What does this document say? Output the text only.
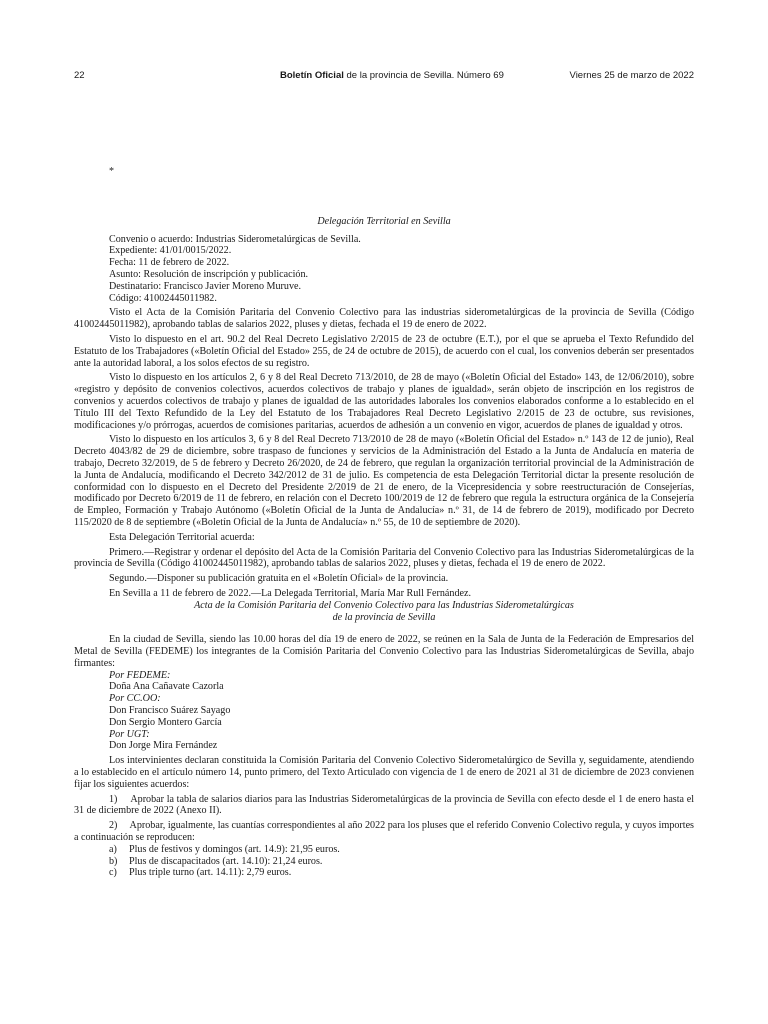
22	Boletín Oficial de la provincia de Sevilla. Número 69	Viernes 25 de marzo de 2022

*

Delegación Territorial en Sevilla

Convenio o acuerdo: Industrias Siderometalúrgicas de Sevilla.

Expediente: 41/01/0015/2022.

Fecha: 11 de febrero de 2022.

Asunto: Resolución de inscripción y publicación.

Destinatario: Francisco Javier Moreno Muruve.

Código: 41002445011982.

Visto el Acta de la Comisión Paritaria del Convenio Colectivo para las industrias siderometalúrgicas de la provincia de Sevilla (Código 41002445011982), aprobando tablas de salarios 2022, pluses y dietas, fechada el 19 de enero de 2022.

Visto lo dispuesto en el art. 90.2 del Real Decreto Legislativo 2/2015 de 23 de octubre (E.T.), por el que se aprueba el Texto Refundido del Estatuto de los Trabajadores («Boletín Oficial del Estado» 255, de 24 de octubre de 2015), de acuerdo con el cual, los convenios deberán ser presentados ante la autoridad laboral, a los solos efectos de su registro.

Visto lo dispuesto en los artículos 2, 6 y 8 del Real Decreto 713/2010, de 28 de mayo («Boletín Oficial del Estado» 143, de 12/06/2010), sobre «registro y depósito de convenios colectivos, acuerdos colectivos de trabajo y planes de igualdad», serán objeto de inscripción en los registros de convenios y acuerdos colectivos de trabajo y planes de igualdad de las autoridades laborales los convenios elaborados conforme a lo establecido en el Título III del Texto Refundido de la Ley del Estatuto de los Trabajadores Real Decreto Legislativo 2/2015 de 23 de octubre, sus revisiones, modificaciones y/o prórrogas, acuerdos de comisiones paritarias, acuerdos de adhesión a un convenio en vigor, acuerdos de planes de igualdad y otros.

Visto lo dispuesto en los artículos 3, 6 y 8 del Real Decreto 713/2010 de 28 de mayo («Boletín Oficial del Estado» n.º 143 de 12 de junio), Real Decreto 4043/82 de 29 de diciembre, sobre traspaso de funciones y servicios de la Administración del Estado a la Junta de Andalucía en materia de trabajo, Decreto 32/2019, de 5 de febrero y Decreto 26/2020, de 24 de febrero, que regulan la organización territorial provincial de la Administración de la Junta de Andalucía, modificando el Decreto 342/2012 de 31 de julio. Es competencia de esta Delegación Territorial dictar la presente resolución de conformidad con lo dispuesto en el Decreto del Presidente 2/2019 de 21 de enero, de la Vicepresidencia y sobre reestructuración de Consejerías, modificado por Decreto 6/2019 de 11 de febrero, en relación con el Decreto 100/2019 de 12 de febrero que regula la estructura orgánica de la Consejería de Empleo, Formación y Trabajo Autónomo («Boletín Oficial de la Junta de Andalucía» n.º 31, de 14 de febrero de 2019), modificado por Decreto 115/2020 de 8 de septiembre («Boletín Oficial de la Junta de Andalucía» n.º 55, de 10 de septiembre de 2020).

Esta Delegación Territorial acuerda:

Primero.—Registrar y ordenar el depósito del Acta de la Comisión Paritaria del Convenio Colectivo para las Industrias Siderometalúrgicas de la provincia de Sevilla (Código 41002445011982), aprobando tablas de salarios 2022, pluses y dietas, fechada el 19 de enero de 2022.

Segundo.—Disponer su publicación gratuita en el «Boletín Oficial» de la provincia.

En Sevilla a 11 de febrero de 2022.—La Delegada Territorial, María Mar Rull Fernández.

Acta de la Comisión Paritaria del Convenio Colectivo para las Industrias Siderometalúrgicas

de la provincia de Sevilla

En la ciudad de Sevilla, siendo las 10.00 horas del día 19 de enero de 2022, se reúnen en la Sala de Junta de la Federación de Empresarios del Metal de Sevilla (FEDEME) los integrantes de la Comisión Paritaria del Convenio Colectivo para las Industrias Siderometalúrgicas de Sevilla, abajo firmantes:

Por FEDEME:

Doña Ana Cañavate Cazorla

Por CC.OO:

Don Francisco Suárez Sayago

Don Sergio Montero García

Por UGT:

Don Jorge Mira Fernández

Los intervinientes declaran constituida la Comisión Paritaria del Convenio Colectivo Siderometalúrgico de Sevilla y, seguidamente, atendiendo a lo establecido en el artículo número 14, punto primero, del Texto Articulado con vigencia de 1 de enero de 2021 al 31 de diciembre de 2023 convienen fijar los siguientes acuerdos:

1)     Aprobar la tabla de salarios diarios para las Industrias Siderometalúrgicas de la provincia de Sevilla con efecto desde el 1 de enero hasta el 31 de diciembre de 2022 (Anexo II).

2)     Aprobar, igualmente, las cuantías correspondientes al año 2022 para los pluses que el referido Convenio Colectivo regula, y cuyos importes a continuación se reproducen:

a) Plus de festivos y domingos (art. 14.9): 21,95 euros.

b) Plus de discapacitados (art. 14.10): 21,24 euros.

c) Plus triple turno (art. 14.11): 2,79 euros.
